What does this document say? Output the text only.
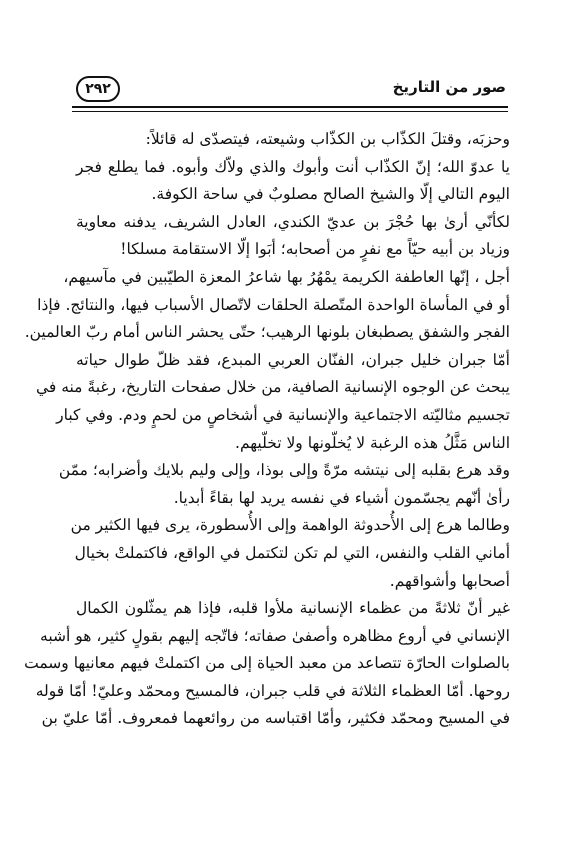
٢٩٢	صور من التاريخ
وحزبَه، وقتلَ الكذّاب بن الكذّاب وشيعته، فيتصدّى له قائلاً:
يا عدوّ الله؛ إنّ الكذّاب أنت وأبوك والذي ولاّك وأبوه. فما يطلع فجر
اليوم التالي إلّا والشيخ الصالح مصلوبٌ في ساحة الكوفة.
لكأنّي أرىٰ بها حُجْرَ بن عديّ الكندي، العادل الشريف، يدفنه معاوية
وزياد بن أبيه حيّاً مع نفرٍ من أصحابه؛ أبَوا إلّا الاستقامة مسلكا!
أجل ، إنّها العاطفة الكريمة يمْهُرُ بها شاعرُ المعزة الطيّبين في مآسيهم،
أو في المأساة الواحدة المتّصلة الحلقات لاتّصال الأسباب فيها، والنتائج. فإذا
الفجر والشفق يصطبغان بلونها الرهيب؛ حتّى يحشر الناس أمام ربّ العالمين.
أمّا جبران خليل جبران، الفنّان العربي المبدع، فقد ظلّ طوال حياته
يبحث عن الوجوه الإنسانية الصافية، من خلال صفحات التاريخ، رغبةً منه في
تجسيم مثاليّته الاجتماعية والإنسانية في أشخاصٍ من لحمٍ ودم. وفي كبار
الناس مَثَّلُ هذه الرغبة لا يُخلّونها ولا تخلّيهم.
وقد هرع بقلبه إلى نيتشه مرّةً وإلى بوذا، وإلى وليم بلايك وأضرابه؛ ممّن
رأىٰ أنّهم يجسّمون أشياء في نفسه يريد لها بقاءً أبديا.
وطالما هرع إلى الأُحدوثة الواهمة وإلى الأُسطورة، يرى فيها الكثير من
أماني القلب والنفس، التي لم تكن لتكتمل في الواقع، فاكتملتْ بخيال
أصحابها وأشواقهم.
غير أنّ ثلاثةً من عظماء الإنسانية ملأوا قلبه، فإذا هم يمثّلون الكمال
الإنساني في أروع مظاهره وأصفىٰ صفاته؛ فاتّجه إليهم بقولٍ كثير، هو أشبه
بالصلوات الحارّة تتصاعد من معبد الحياة إلى من اكتملتْ فيهم معانيها وسمت
روحها. أمّا العظماء الثلاثة في قلب جبران، فالمسيح ومحمّد وعليّ! أمّا قوله
في المسيح ومحمّد فكثير، وأمّا اقتباسه من روائعهما فمعروف. أمّا عليّ بن
